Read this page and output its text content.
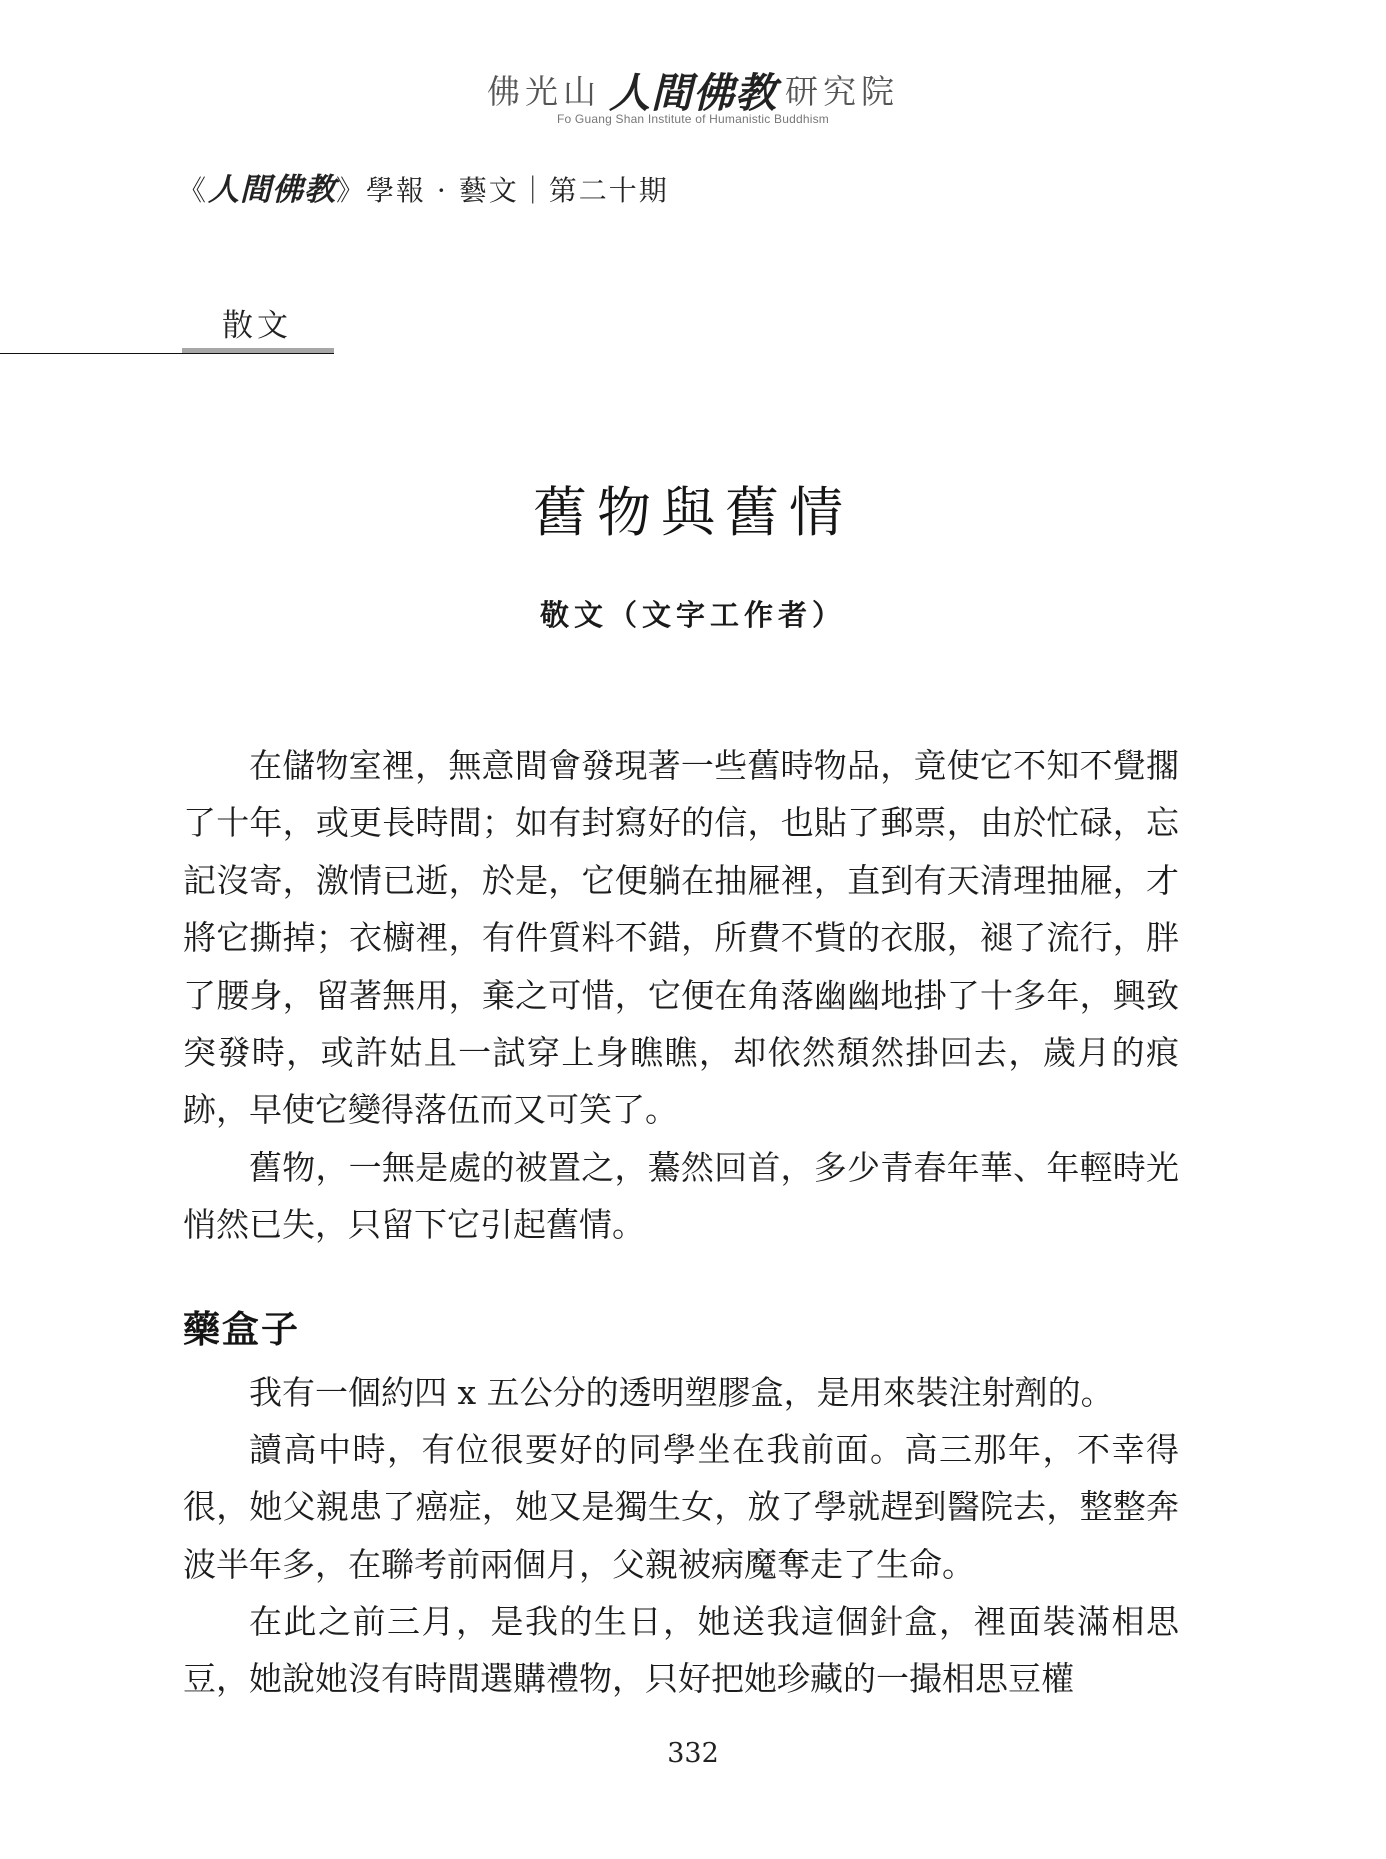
佛光山 人間佛教 研究院
Fo Guang Shan Institute of Humanistic Buddhism
《人間佛教》學報 · 藝文｜第二十期
散文
舊物與舊情
敬文（文字工作者）

在儲物室裡，無意間會發現著一些舊時物品，竟使它不知不覺擱了十年，或更長時間；如有封寫好的信，也貼了郵票，由於忙碌，忘記沒寄，激情已逝，於是，它便躺在抽屜裡，直到有天清理抽屜，才將它撕掉；衣櫥裡，有件質料不錯，所費不貲的衣服，褪了流行，胖了腰身，留著無用，棄之可惜，它便在角落幽幽地掛了十多年，興致突發時，或許姑且一試穿上身瞧瞧，却依然頹然掛回去，歲月的痕跡，早使它變得落伍而又可笑了。

舊物，一無是處的被置之，驀然回首，多少青春年華、年輕時光悄然已失，只留下它引起舊情。

藥盒子

我有一個約四 x 五公分的透明塑膠盒，是用來裝注射劑的。

讀高中時，有位很要好的同學坐在我前面。高三那年，不幸得很，她父親患了癌症，她又是獨生女，放了學就趕到醫院去，整整奔波半年多，在聯考前兩個月，父親被病魔奪走了生命。

在此之前三月，是我的生日，她送我這個針盒，裡面裝滿相思豆，她說她沒有時間選購禮物，只好把她珍藏的一撮相思豆權

332
